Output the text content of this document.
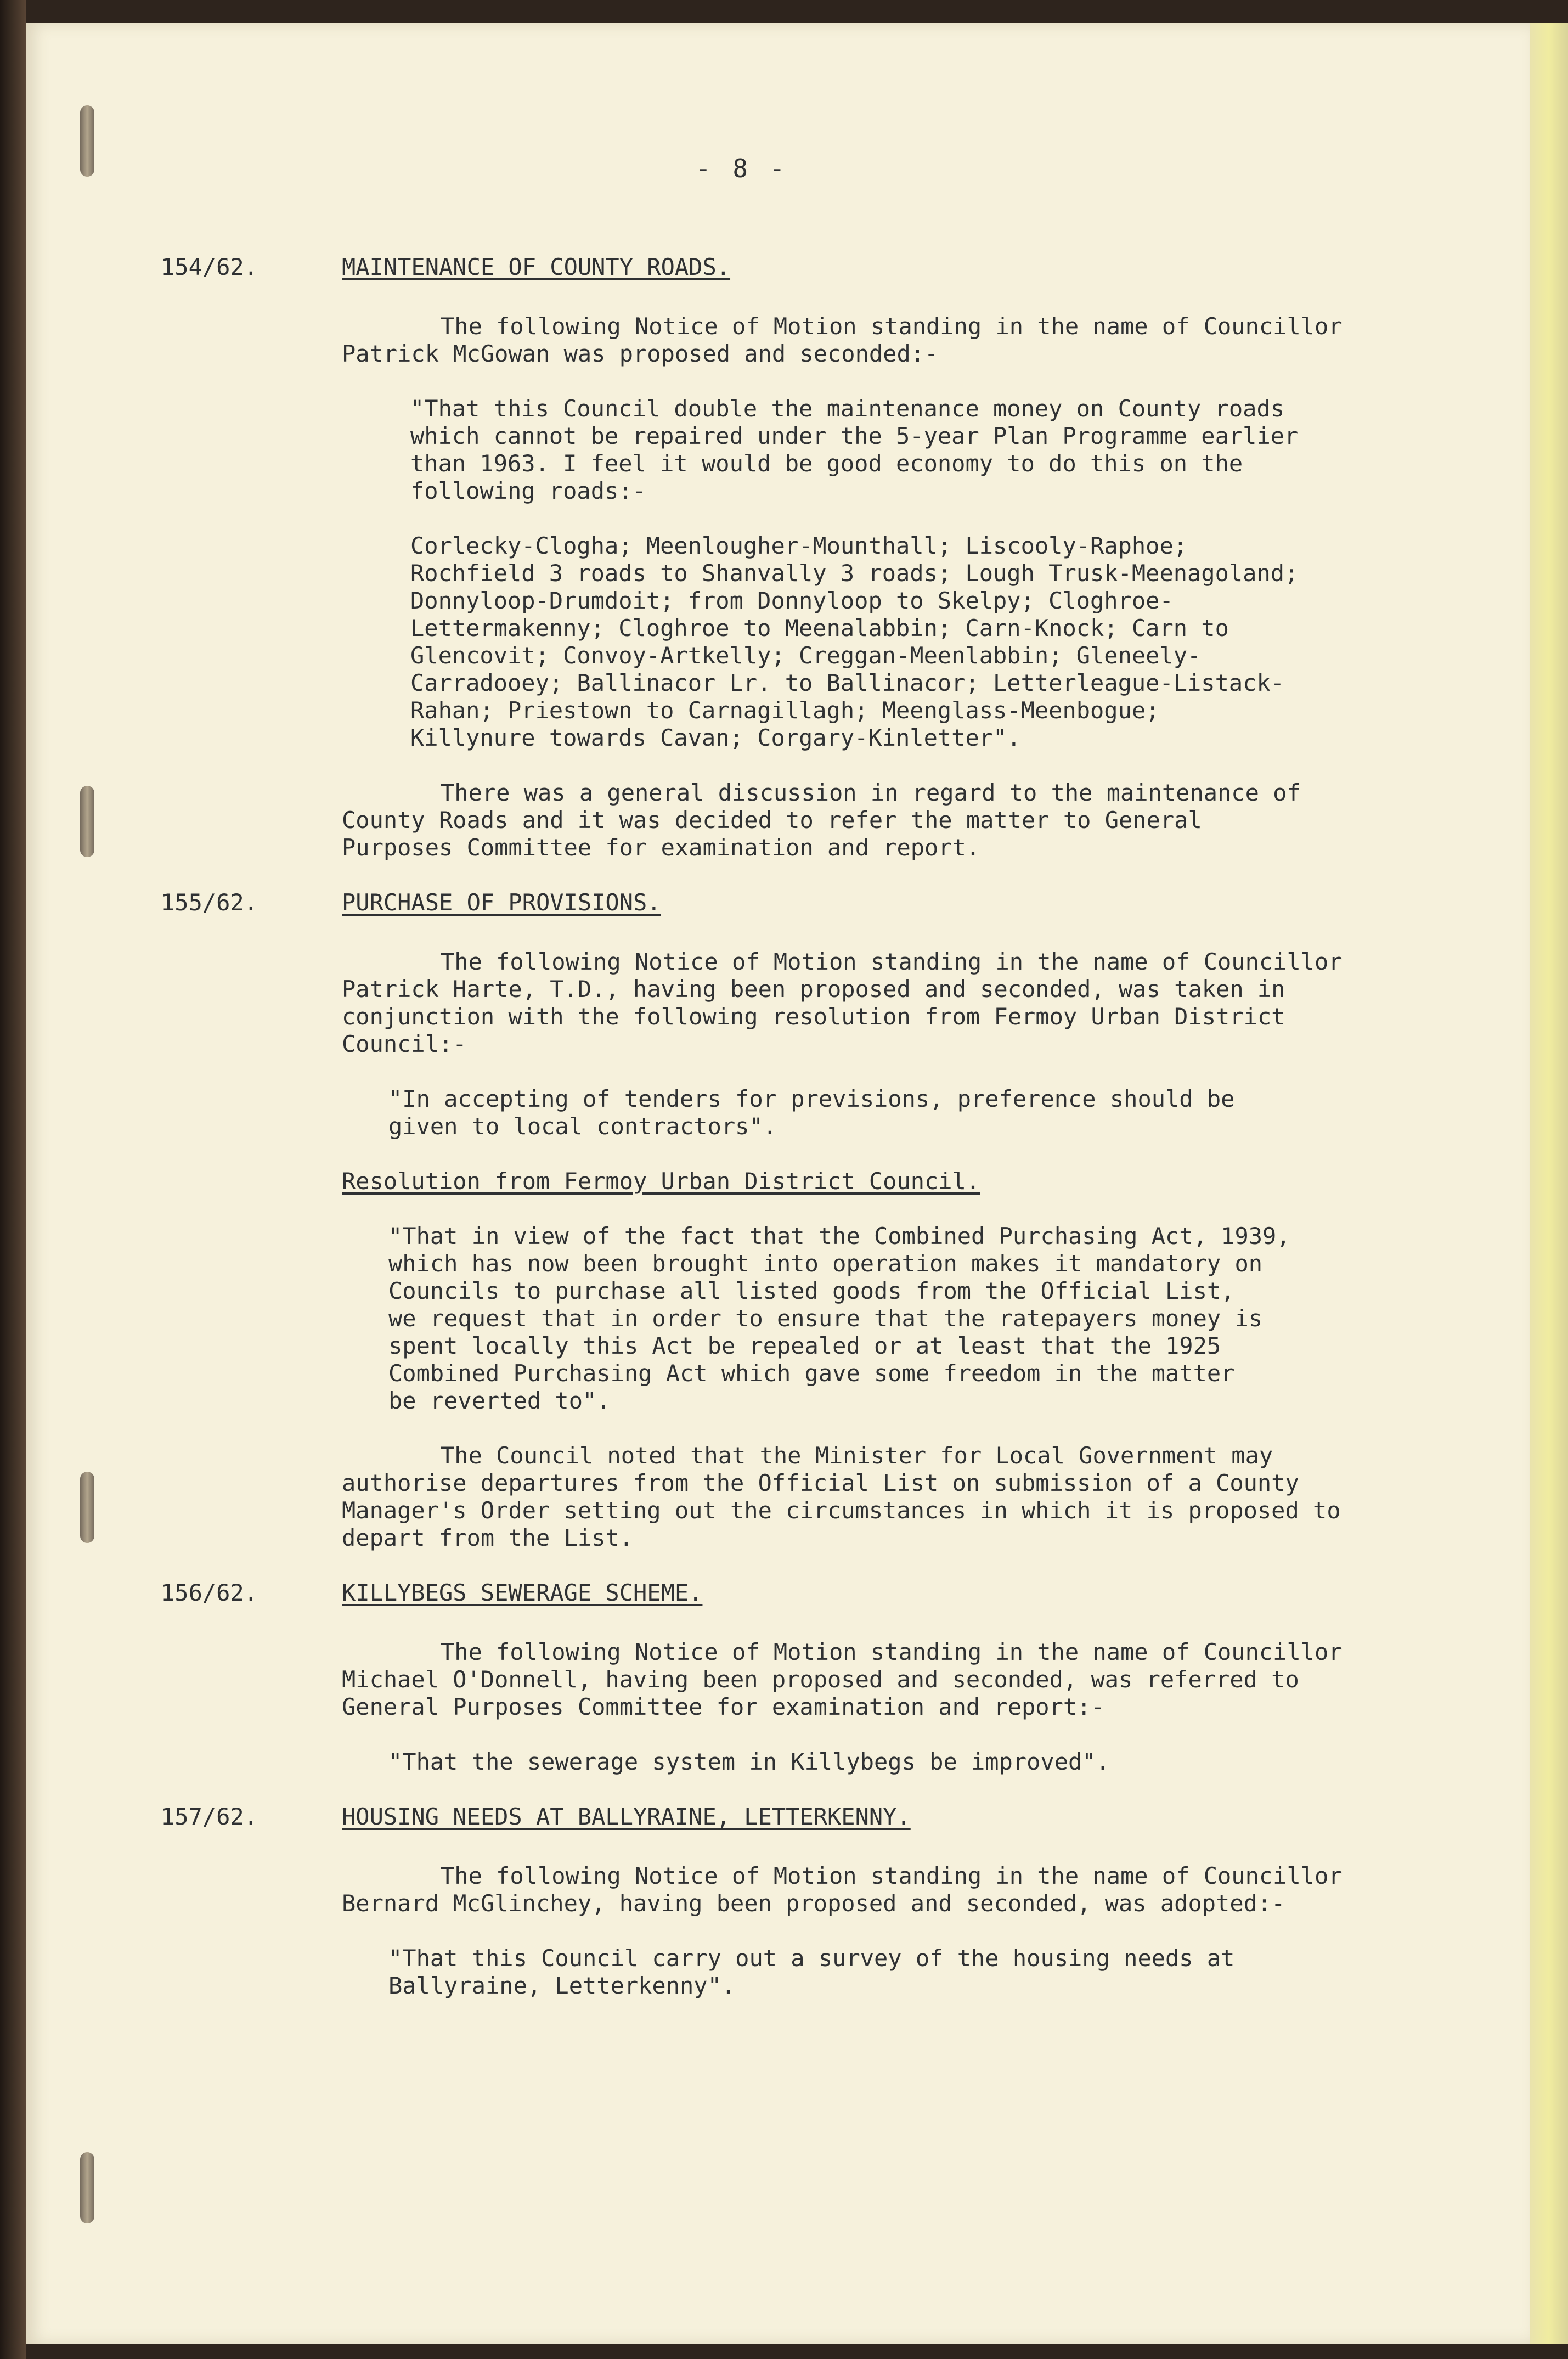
- 8 -
154/62.	MAINTENANCE OF COUNTY ROADS.
The following Notice of Motion standing in the name of Councillor
Patrick McGowan was proposed and seconded:-
"That this Council double the maintenance money on County roads
which cannot be repaired under the 5-year Plan Programme earlier
than 1963. I feel it would be good economy to do this on the
following roads:-
Corlecky-Clogha; Meenlougher-Mounthall; Liscooly-Raphoe;
Rochfield 3 roads to Shanvally 3 roads; Lough Trusk-Meenagoland;
Donnyloop-Drumdoit; from Donnyloop to Skelpy; Cloghroe-
Lettermakenny; Cloghroe to Meenalabbin; Carn-Knock; Carn to
Glencovit; Convoy-Artkelly; Creggan-Meenlabbin; Gleneely-
Carradooey; Ballinacor Lr. to Ballinacor; Letterleague-Listack-
Rahan; Priestown to Carnagillagh; Meenglass-Meenbogue;
Killynure towards Cavan; Corgary-Kinletter".
There was a general discussion in regard to the maintenance of
County Roads and it was decided to refer the matter to General
Purposes Committee for examination and report.
155/62.	PURCHASE OF PROVISIONS.
The following Notice of Motion standing in the name of Councillor
Patrick Harte, T.D., having been proposed and seconded, was taken in
conjunction with the following resolution from Fermoy Urban District
Council:-
"In accepting of tenders for previsions, preference should be
given to local contractors".
Resolution from Fermoy Urban District Council.
"That in view of the fact that the Combined Purchasing Act, 1939,
which has now been brought into operation makes it mandatory on
Councils to purchase all listed goods from the Official List,
we request that in order to ensure that the ratepayers money is
spent locally this Act be repealed or at least that the 1925
Combined Purchasing Act which gave some freedom in the matter
be reverted to".
The Council noted that the Minister for Local Government may
authorise departures from the Official List on submission of a County
Manager's Order setting out the circumstances in which it is proposed to
depart from the List.
156/62.	KILLYBEGS SEWERAGE SCHEME.
The following Notice of Motion standing in the name of Councillor
Michael O'Donnell, having been proposed and seconded, was referred to
General Purposes Committee for examination and report:-
"That the sewerage system in Killybegs be improved".
157/62.	HOUSING NEEDS AT BALLYRAINE, LETTERKENNY.
The following Notice of Motion standing in the name of Councillor
Bernard McGlinchey, having been proposed and seconded, was adopted:-
"That this Council carry out a survey of the housing needs at
Ballyraine, Letterkenny".
